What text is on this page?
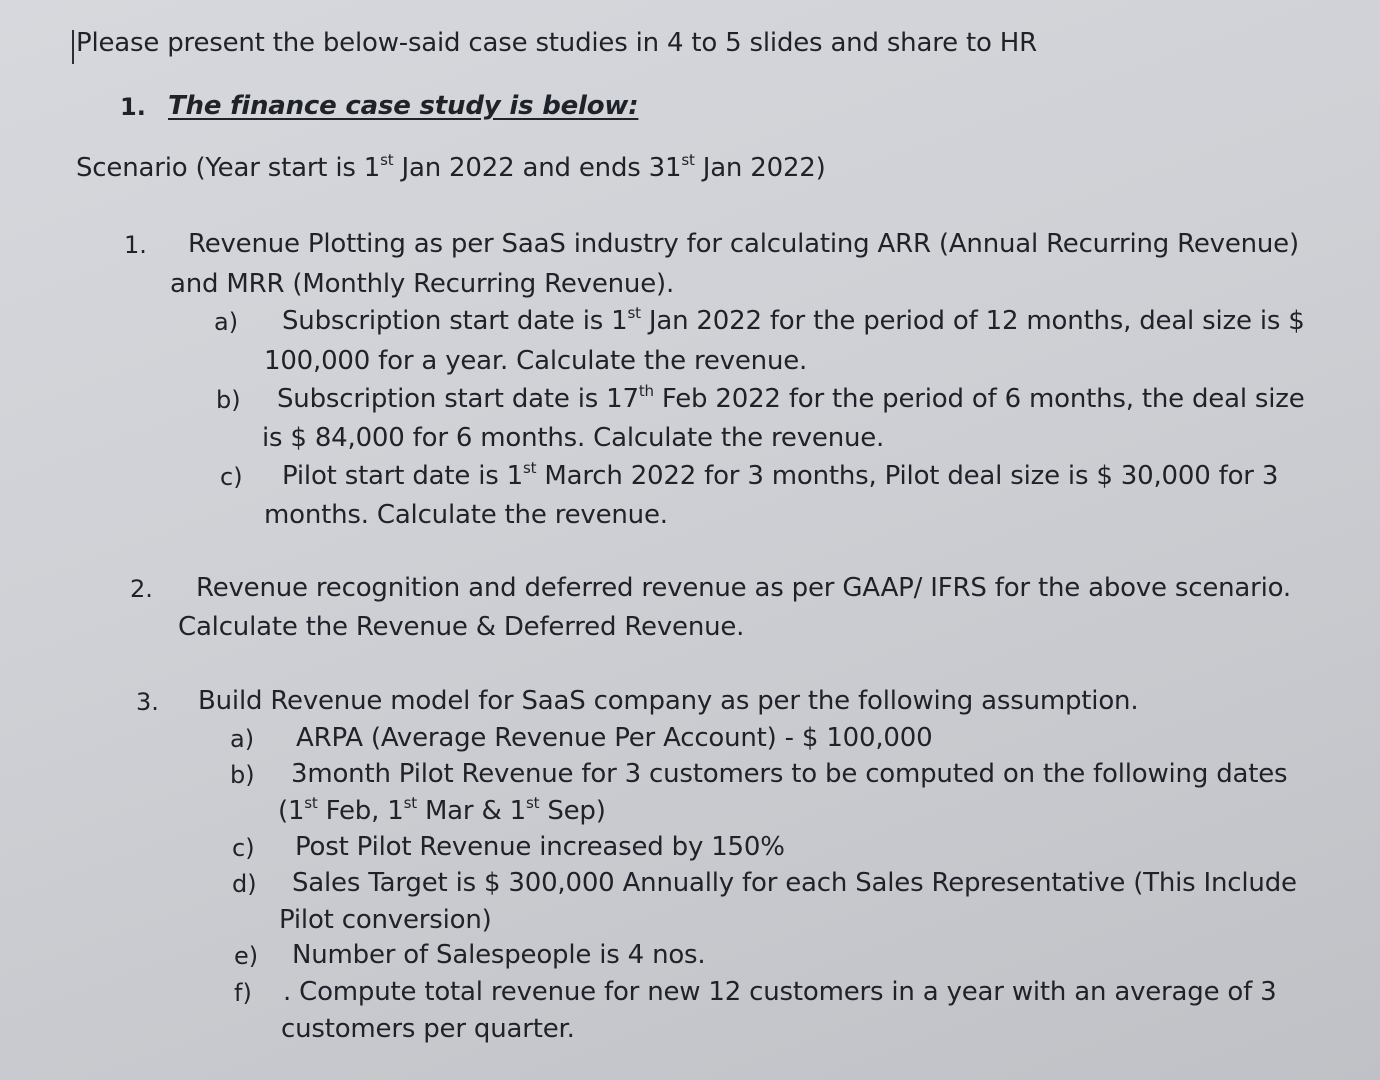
Please present the below-said case studies in 4 to 5 slides and share to HR
1. The finance case study is below:
Scenario (Year start is 1st Jan 2022 and ends 31st Jan 2022)
1. Revenue Plotting as per SaaS industry for calculating ARR (Annual Recurring Revenue)
and MRR (Monthly Recurring Revenue).
a) Subscription start date is 1st Jan 2022 for the period of 12 months, deal size is $
100,000 for a year. Calculate the revenue.
b) Subscription start date is 17th Feb 2022 for the period of 6 months, the deal size
is $ 84,000 for 6 months. Calculate the revenue.
c) Pilot start date is 1st March 2022 for 3 months, Pilot deal size is $ 30,000 for 3
months. Calculate the revenue.
2. Revenue recognition and deferred revenue as per GAAP/ IFRS for the above scenario.
Calculate the Revenue & Deferred Revenue.
3. Build Revenue model for SaaS company as per the following assumption.
a) ARPA (Average Revenue Per Account) - $ 100,000
b) 3month Pilot Revenue for 3 customers to be computed on the following dates
(1st Feb, 1st Mar & 1st Sep)
c) Post Pilot Revenue increased by 150%
d) Sales Target is $ 300,000 Annually for each Sales Representative (This Include
Pilot conversion)
e) Number of Salespeople is 4 nos.
f) . Compute total revenue for new 12 customers in a year with an average of 3
customers per quarter.
